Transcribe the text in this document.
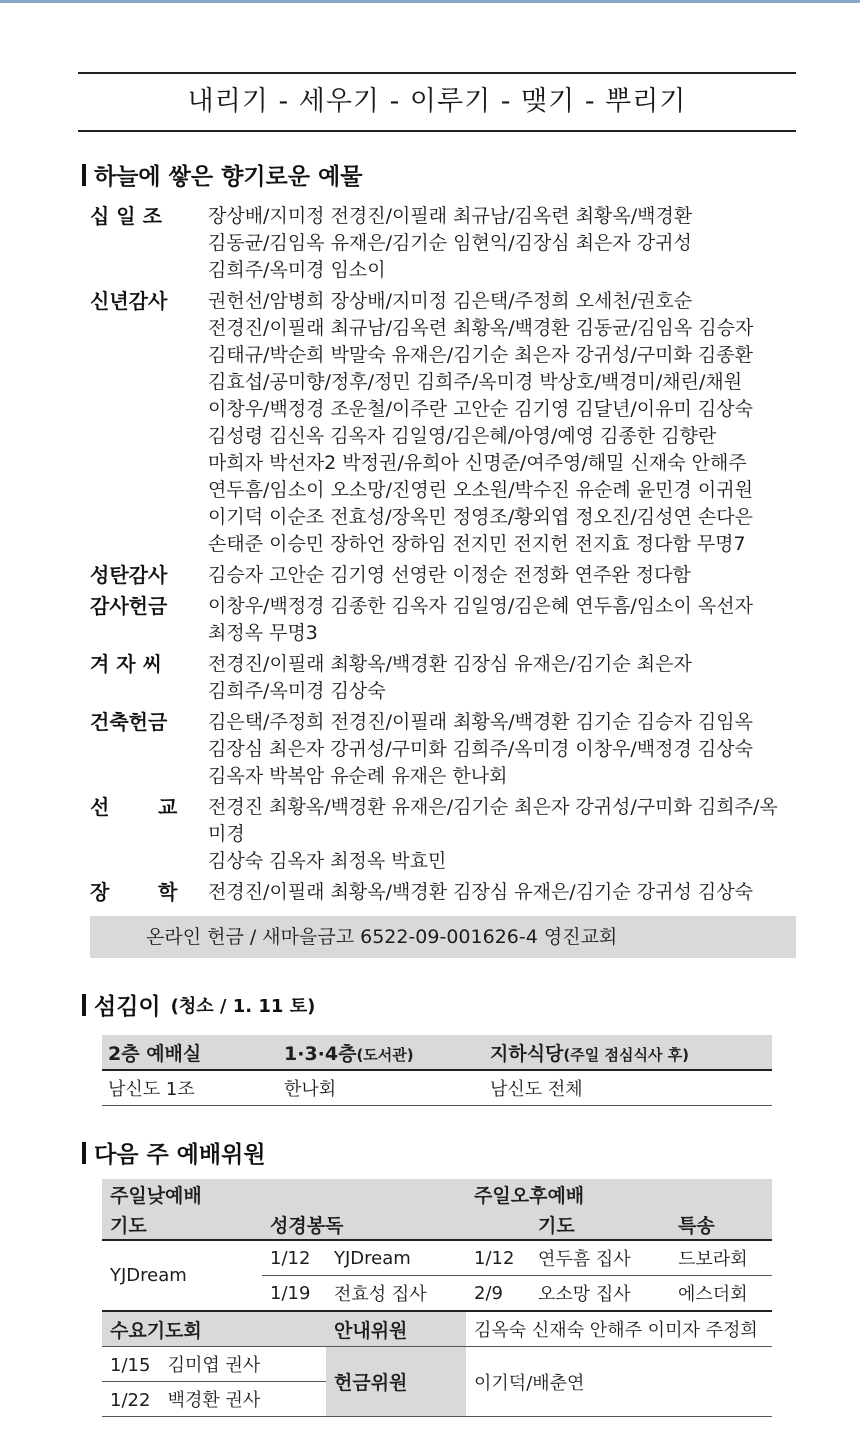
내리기 - 세우기 - 이루기 - 맺기 - 뿌리기
하늘에 쌓은 향기로운 예물
십 일 조	장상배/지미정 전경진/이필래 최규남/김옥련 최황옥/백경환
김동균/김임옥 유재은/김기순 임현익/김장심 최은자 강귀성
김희주/옥미경 임소이
신년감사	권헌선/암병희 장상배/지미정 김은택/주정희 오세천/권호순
전경진/이필래 최규남/김옥련 최황옥/백경환 김동균/김임옥 김승자
김태규/박순희 박말숙 유재은/김기순 최은자 강귀성/구미화 김종환
김효섭/공미향/정후/정민 김희주/옥미경 박상호/백경미/채린/채원
이창우/백정경 조운철/이주란 고안순 김기영 김달년/이유미 김상숙
김성령 김신옥 김옥자 김일영/김은혜/아영/예영 김종한 김향란
마희자 박선자2 박정권/유희아 신명준/여주영/해밀 신재숙 안해주
연두흠/임소이 오소망/진영린 오소원/박수진 유순례 윤민경 이귀원
이기덕 이순조 전효성/장옥민 정영조/황외엽 정오진/김성연 손다은
손태준 이승민 장하언 장하임 전지민 전지헌 전지효 정다함 무명7
성탄감사	김승자 고안순 김기영 선영란 이정순 전정화 연주완 정다함
감사헌금	이창우/백정경 김종한 김옥자 김일영/김은혜 연두흠/임소이 옥선자
최정옥 무명3
겨 자 씨	전경진/이필래 최황옥/백경환 김장심 유재은/김기순 최은자
김희주/옥미경 김상숙
건축헌금	김은택/주정희 전경진/이필래 최황옥/백경환 김기순 김승자 김임옥
김장심 최은자 강귀성/구미화 김희주/옥미경 이창우/백정경 김상숙
김옥자 박복암 유순례 유재은 한나회
선       교	전경진 최황옥/백경환 유재은/김기순 최은자 강귀성/구미화 김희주/옥미경
김상숙 김옥자 최정옥 박효민
장       학	전경진/이필래 최황옥/백경환 김장심 유재은/김기순 강귀성 김상숙
온라인 헌금 / 새마을금고 6522-09-001626-4 영진교회
섬김이 (청소 / 1. 11 토)
2층 예배실	1·3·4층(도서관)	지하식당(주일 점심식사 후)
남신도 1조	한나회	남신도 전체
다음 주 예배위원
주일낮예배			주일오후예배		
기도	성경봉독			기도	특송
YJDream	1/12	YJDream	1/12	연두흠 집사	드보라회
	1/19	전효성 집사	2/9	오소망 집사	에스더회
수요기도회		안내위원	김옥숙 신재숙 안해주 이미자 주정희		
1/15 김미엽 권사		헌금위원	이기덕/배춘연		
1/22 백경환 권사					
